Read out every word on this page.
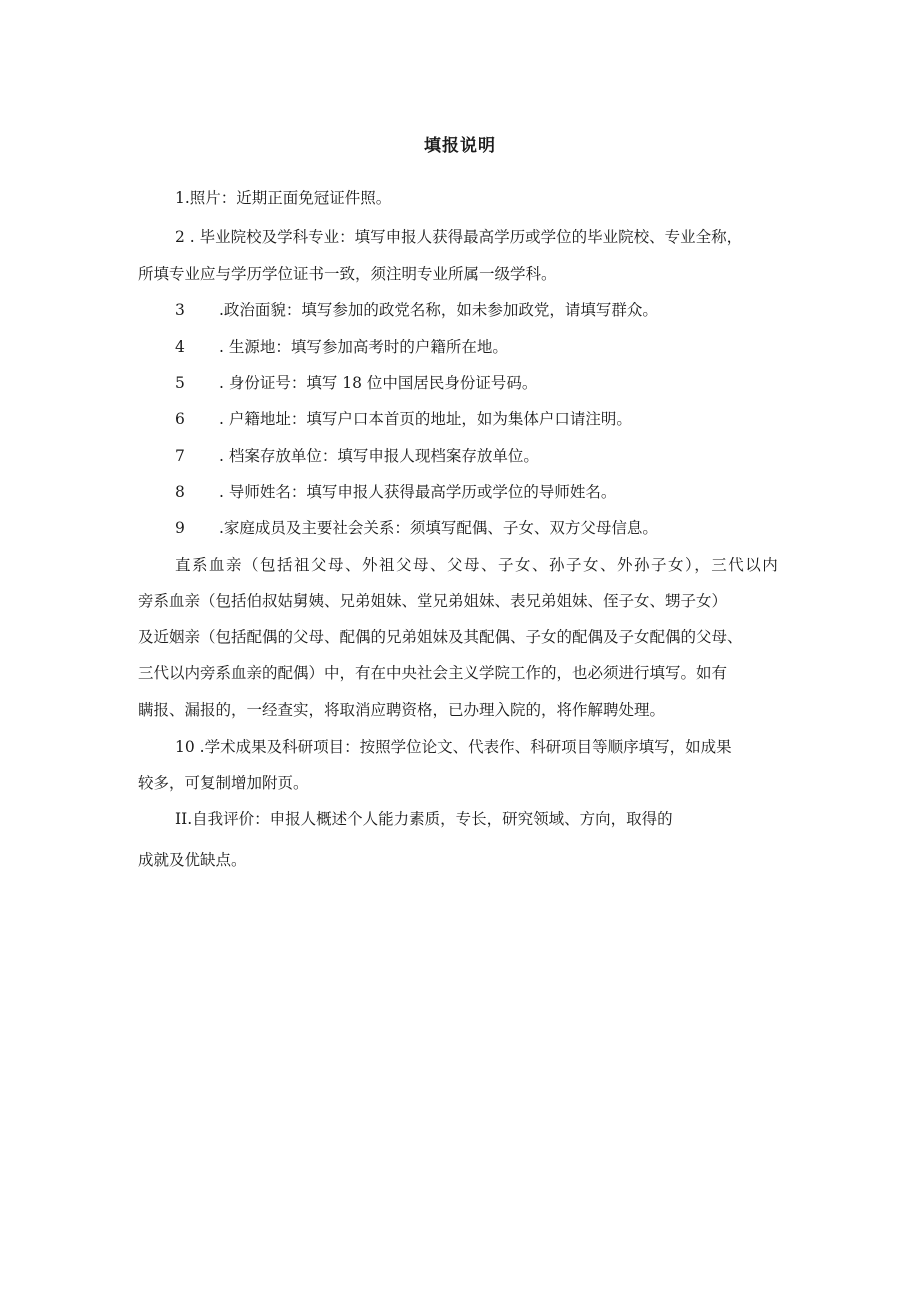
填报说明
1.照片：近期正面免冠证件照。
2 . 毕业院校及学科专业：填写申报人获得最高学历或学位的毕业院校、专业全称，
所填专业应与学历学位证书一致，须注明专业所属一级学科。
3 .政治面貌：填写参加的政党名称，如未参加政党，请填写群众。
4 . 生源地：填写参加高考时的户籍所在地。
5 . 身份证号：填写 18 位中国居民身份证号码。
6 . 户籍地址：填写户口本首页的地址，如为集体户口请注明。
7 . 档案存放单位：填写申报人现档案存放单位。
8 . 导师姓名：填写申报人获得最高学历或学位的导师姓名。
9 .家庭成员及主要社会关系：须填写配偶、子女、双方父母信息。
直系血亲（包括祖父母、外祖父母、父母、子女、孙子女、外孙子女），三代以内
旁系血亲（包括伯叔姑舅姨、兄弟姐妹、堂兄弟姐妹、表兄弟姐妹、侄子女、甥子女）
及近姻亲（包括配偶的父母、配偶的兄弟姐妹及其配偶、子女的配偶及子女配偶的父母、
三代以内旁系血亲的配偶）中，有在中央社会主义学院工作的，也必须进行填写。如有
瞒报、漏报的，一经查实，将取消应聘资格，已办理入院的，将作解聘处理。
10 .学术成果及科研项目：按照学位论文、代表作、科研项目等顺序填写，如成果
较多，可复制增加附页。
II.自我评价：申报人概述个人能力素质，专长，研究领域、方向，取得的
成就及优缺点。
